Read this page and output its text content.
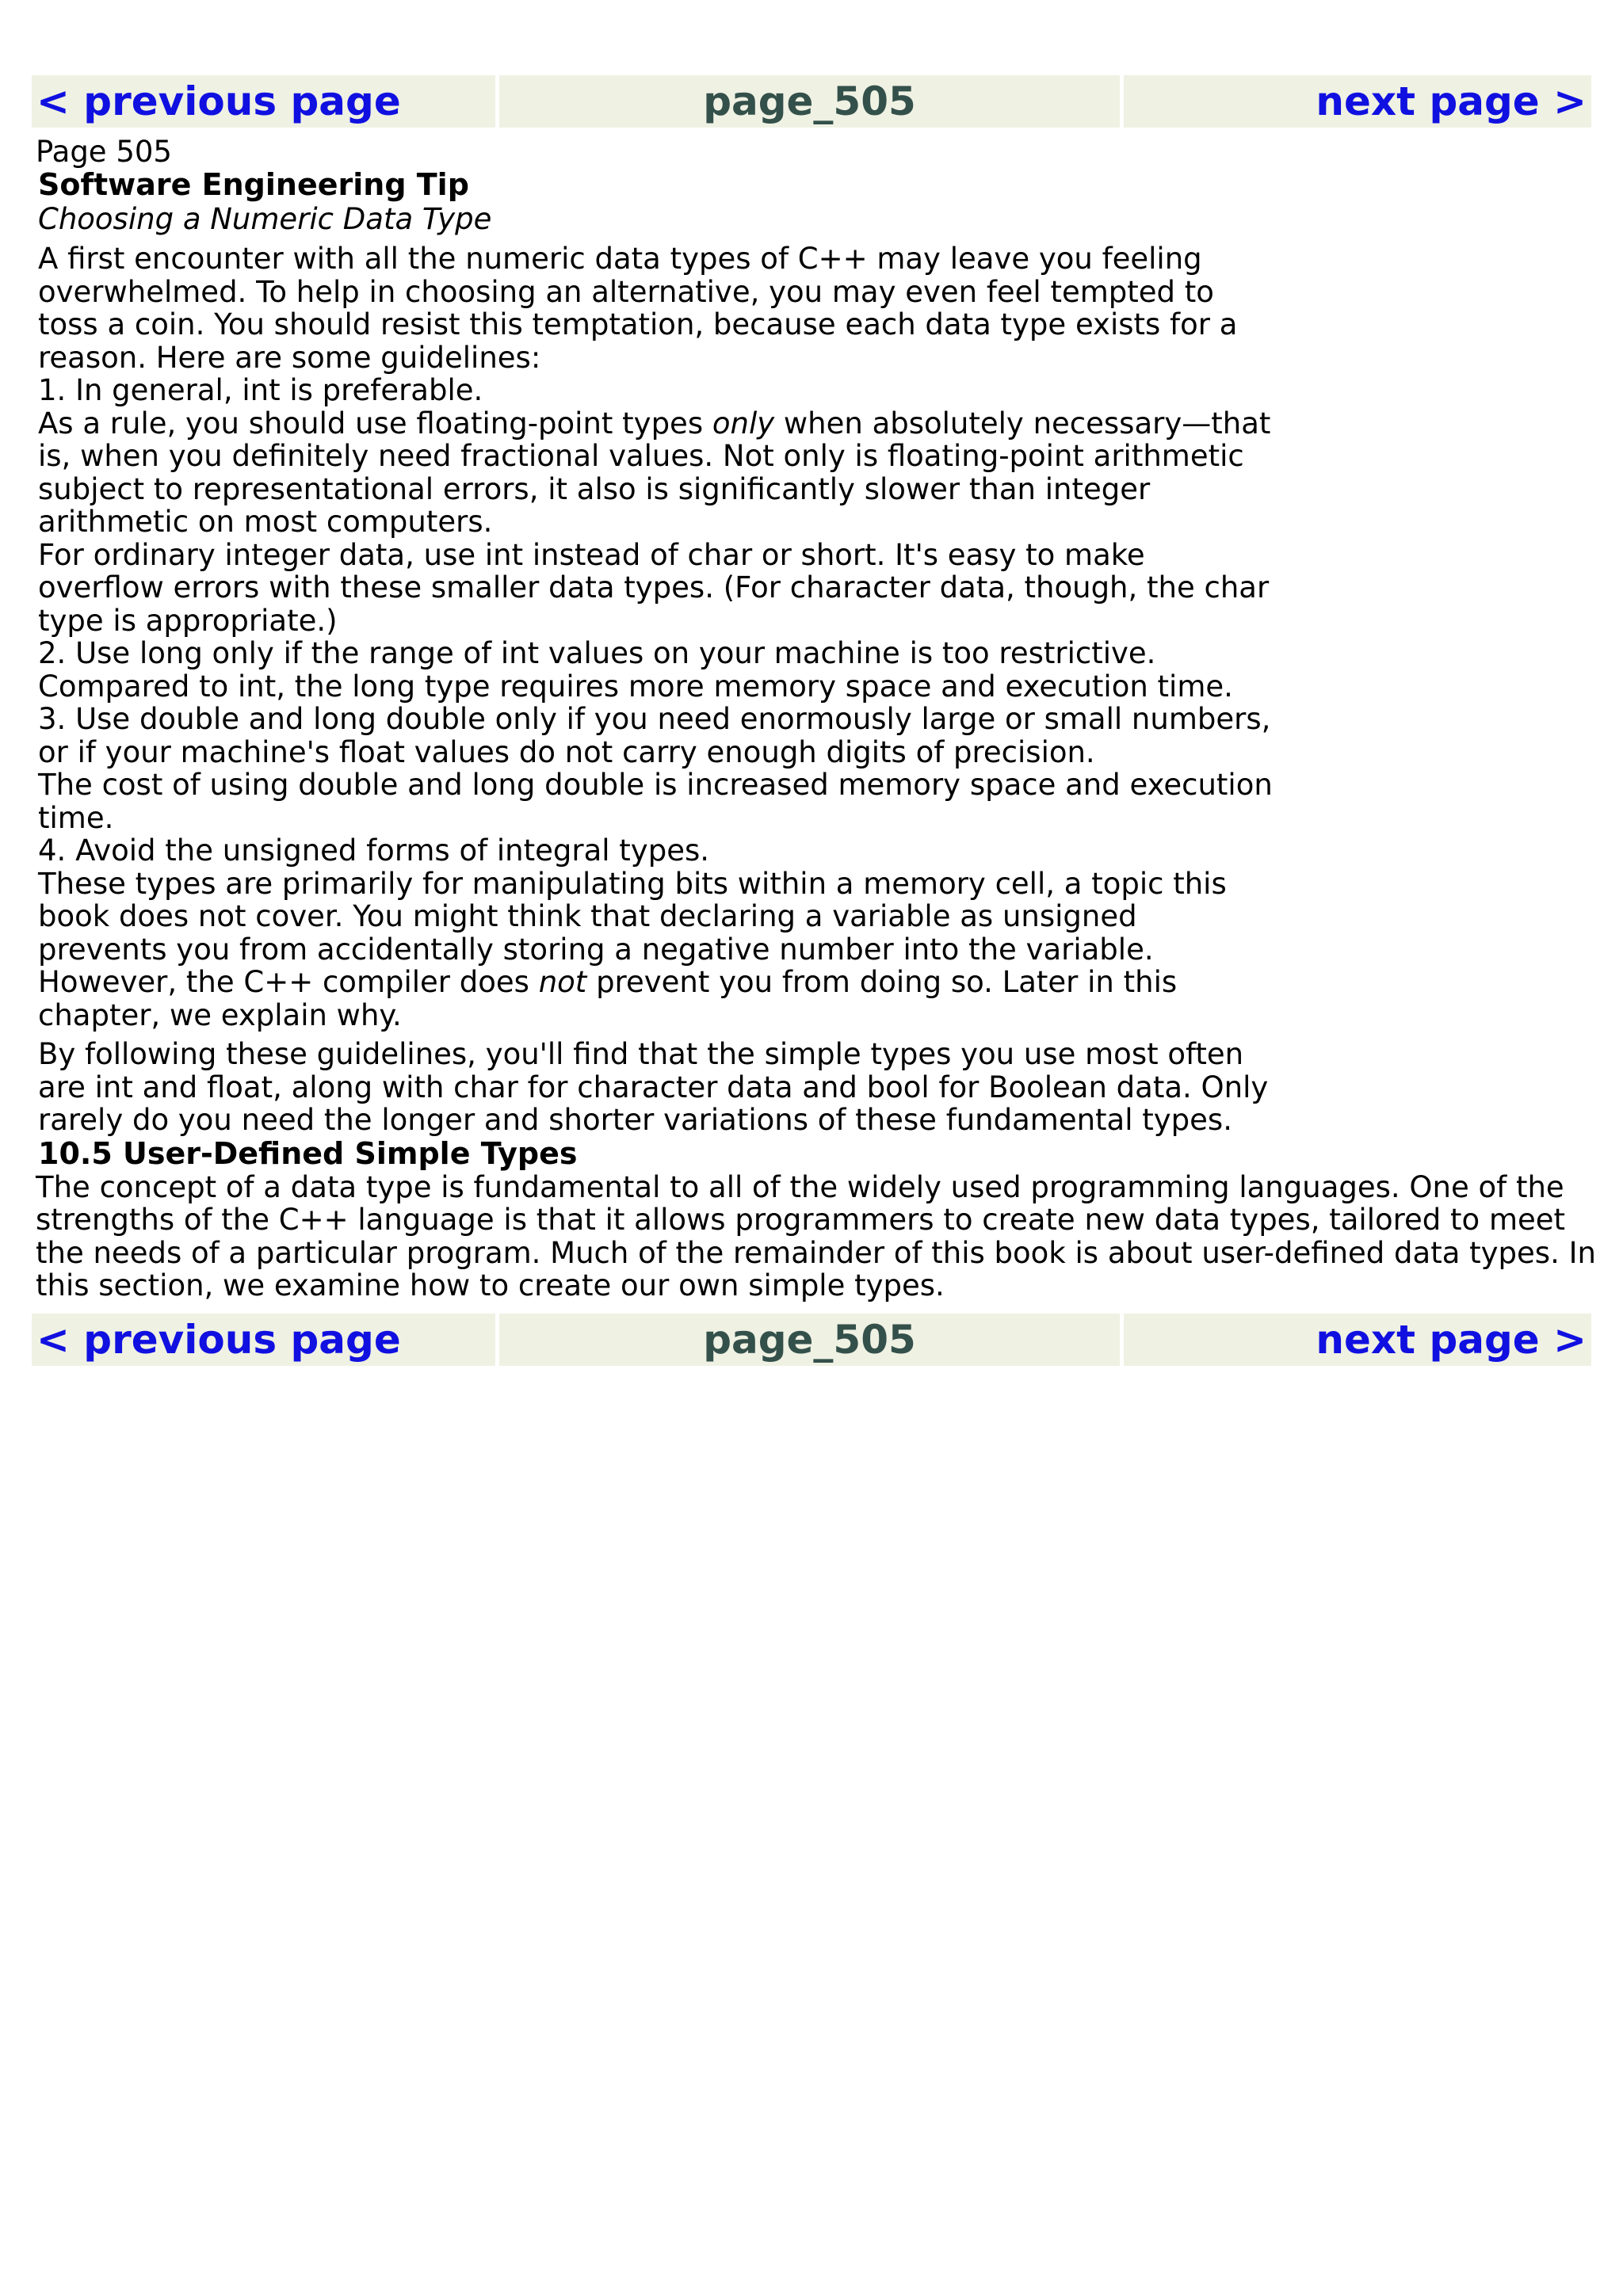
< previous page	page_505	next page >
Page 505
Software Engineering Tip
Choosing a Numeric Data Type

A first encounter with all the numeric data types of C++ may leave you feeling overwhelmed. To help in choosing an alternative, you may even feel tempted to toss a coin. You should resist this temptation, because each data type exists for a reason. Here are some guidelines:

1. In general, int is preferable.

As a rule, you should use floating-point types only when absolutely necessary—that is, when you definitely need fractional values. Not only is floating-point arithmetic subject to representational errors, it also is significantly slower than integer arithmetic on most computers.

For ordinary integer data, use int instead of char or short. It's easy to make overflow errors with these smaller data types. (For character data, though, the char type is appropriate.)

2. Use long only if the range of int values on your machine is too restrictive.

Compared to int, the long type requires more memory space and execution time.

3. Use double and long double only if you need enormously large or small numbers, or if your machine's float values do not carry enough digits of precision.

The cost of using double and long double is increased memory space and execution time.

4. Avoid the unsigned forms of integral types.

These types are primarily for manipulating bits within a memory cell, a topic this book does not cover. You might think that declaring a variable as unsigned prevents you from accidentally storing a negative number into the variable. However, the C++ compiler does not prevent you from doing so. Later in this chapter, we explain why.

By following these guidelines, you'll find that the simple types you use most often are int and float, along with char for character data and bool for Boolean data. Only rarely do you need the longer and shorter variations of these fundamental types.

10.5 User-Defined Simple Types

The concept of a data type is fundamental to all of the widely used programming languages. One of the strengths of the C++ language is that it allows programmers to create new data types, tailored to meet the needs of a particular program. Much of the remainder of this book is about user-defined data types. In this section, we examine how to create our own simple types.

< previous page	page_505	next page >
